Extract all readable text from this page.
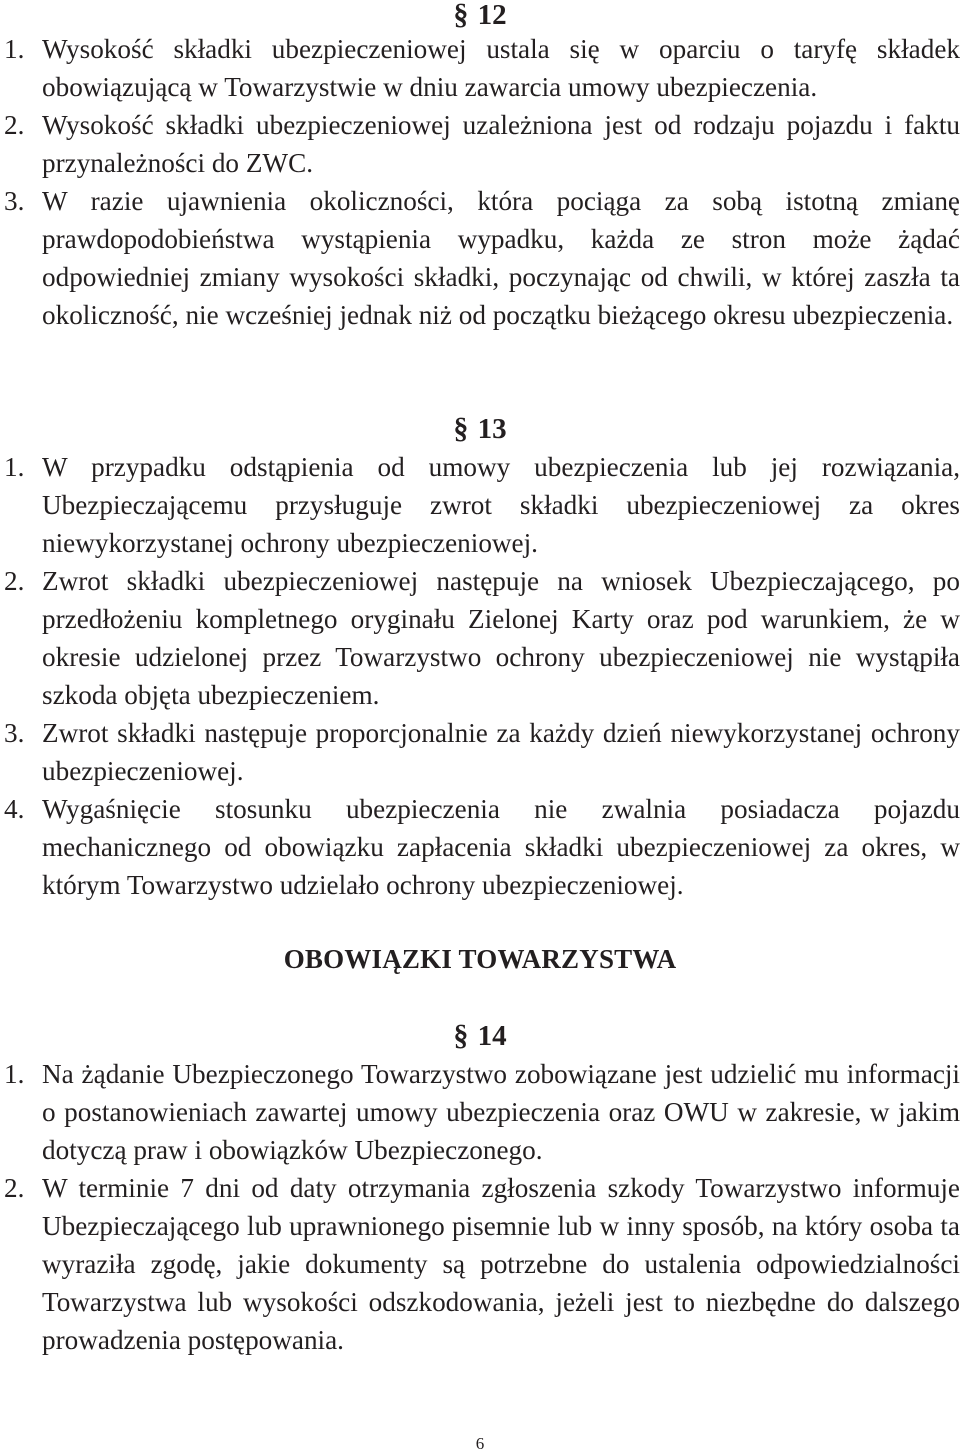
§ 12
1. Wysokość składki ubezpieczeniowej ustala się w oparciu o taryfę składek obowiązującą w Towarzystwie w dniu zawarcia umowy ubezpieczenia.
2. Wysokość składki ubezpieczeniowej uzależniona jest od rodzaju pojazdu i faktu przynależności do ZWC.
3. W razie ujawnienia okoliczności, która pociąga za sobą istotną zmianę prawdopodobieństwa wystąpienia wypadku, każda ze stron może żądać odpowiedniej zmiany wysokości składki, poczynając od chwili, w której zaszła ta okoliczność, nie wcześniej jednak niż od początku bieżącego okresu ubezpieczenia.
§ 13
1. W przypadku odstąpienia od umowy ubezpieczenia lub jej rozwiązania, Ubezpieczającemu przysługuje zwrot składki ubezpieczeniowej za okres niewykorzystanej ochrony ubezpieczeniowej.
2. Zwrot składki ubezpieczeniowej następuje na wniosek Ubezpieczającego, po przedłożeniu kompletnego oryginału Zielonej Karty oraz pod warunkiem, że w okresie udzielonej przez Towarzystwo ochrony ubezpieczeniowej nie wystąpiła szkoda objęta ubezpieczeniem.
3. Zwrot składki następuje proporcjonalnie za każdy dzień niewykorzystanej ochrony ubezpieczeniowej.
4. Wygaśnięcie stosunku ubezpieczenia nie zwalnia posiadacza pojazdu mechanicznego od obowiązku zapłacenia składki ubezpieczeniowej za okres, w którym Towarzystwo udzielało ochrony ubezpieczeniowej.
OBOWIĄZKI TOWARZYSTWA
§ 14
1. Na żądanie Ubezpieczonego Towarzystwo zobowiązane jest udzielić mu informacji o postanowieniach zawartej umowy ubezpieczenia oraz OWU w zakresie, w jakim dotyczą praw i obowiązków Ubezpieczonego.
2. W terminie 7 dni od daty otrzymania zgłoszenia szkody Towarzystwo informuje Ubezpieczającego lub uprawnionego pisemnie lub w inny sposób, na który osoba ta wyraziła zgodę, jakie dokumenty są potrzebne do ustalenia odpowiedzialności Towarzystwa lub wysokości odszkodowania, jeżeli jest to niezbędne do dalszego prowadzenia postępowania.
6
